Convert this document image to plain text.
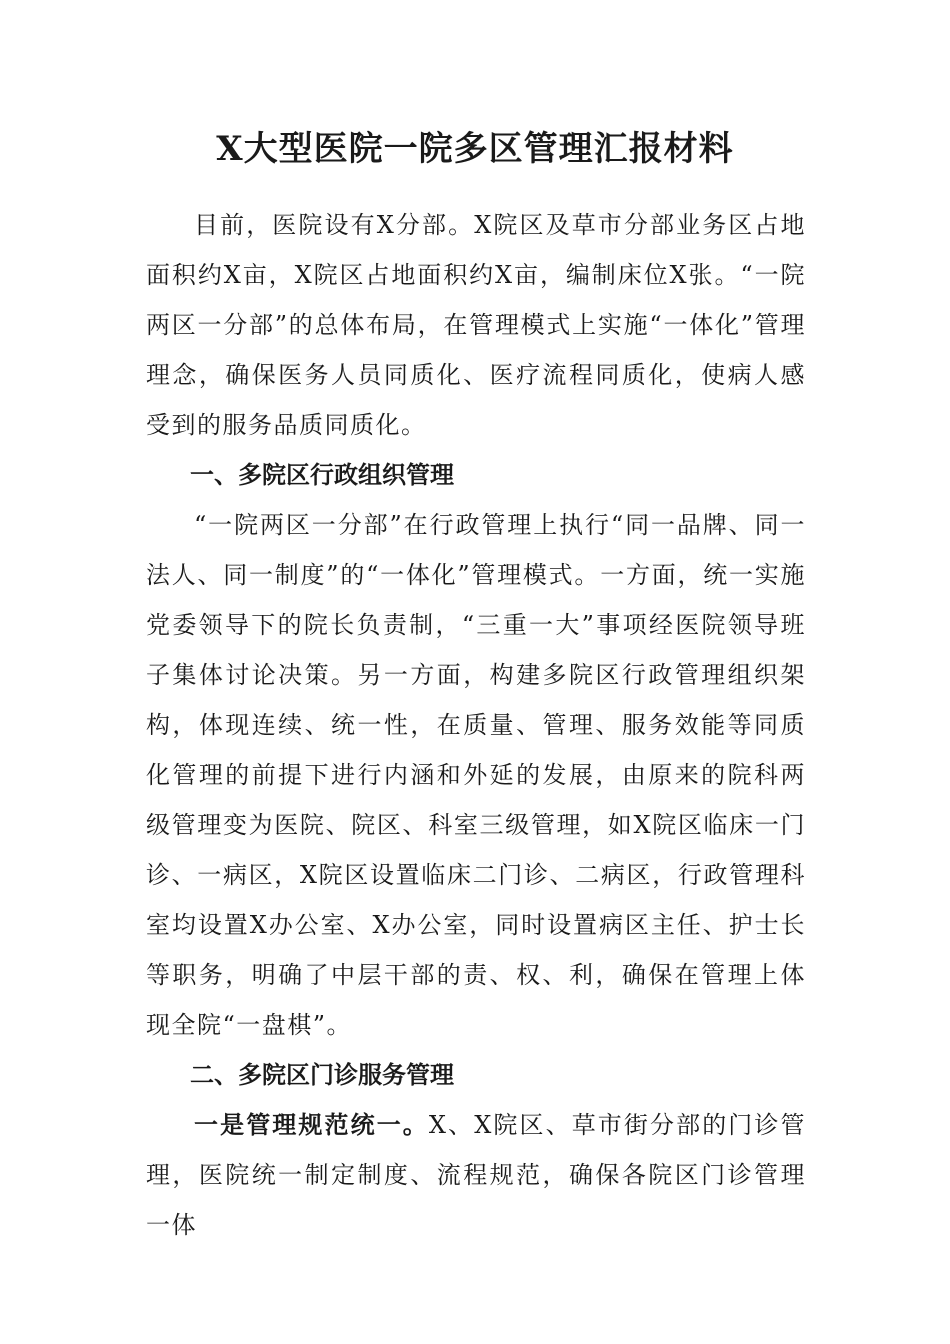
X大型医院一院多区管理汇报材料

目前，医院设有X分部。X院区及草市分部业务区占地面积约X亩，X院区占地面积约X亩，编制床位X张。“一院两区一分部”的总体布局，在管理模式上实施“一体化”管理理念，确保医务人员同质化、医疗流程同质化，使病人感受到的服务品质同质化。

一、多院区行政组织管理

“一院两区一分部”在行政管理上执行“同一品牌、同一法人、同一制度”的“一体化”管理模式。一方面，统一实施党委领导下的院长负责制，“三重一大”事项经医院领导班子集体讨论决策。另一方面，构建多院区行政管理组织架构，体现连续、统一性，在质量、管理、服务效能等同质化管理的前提下进行内涵和外延的发展，由原来的院科两级管理变为医院、院区、科室三级管理，如X院区临床一门诊、一病区，X院区设置临床二门诊、二病区，行政管理科室均设置X办公室、X办公室，同时设置病区主任、护士长等职务，明确了中层干部的责、权、利，确保在管理上体现全院“一盘棋”。

二、多院区门诊服务管理

一是管理规范统一。X、X院区、草市街分部的门诊管理，医院统一制定制度、流程规范，确保各院区门诊管理一体
